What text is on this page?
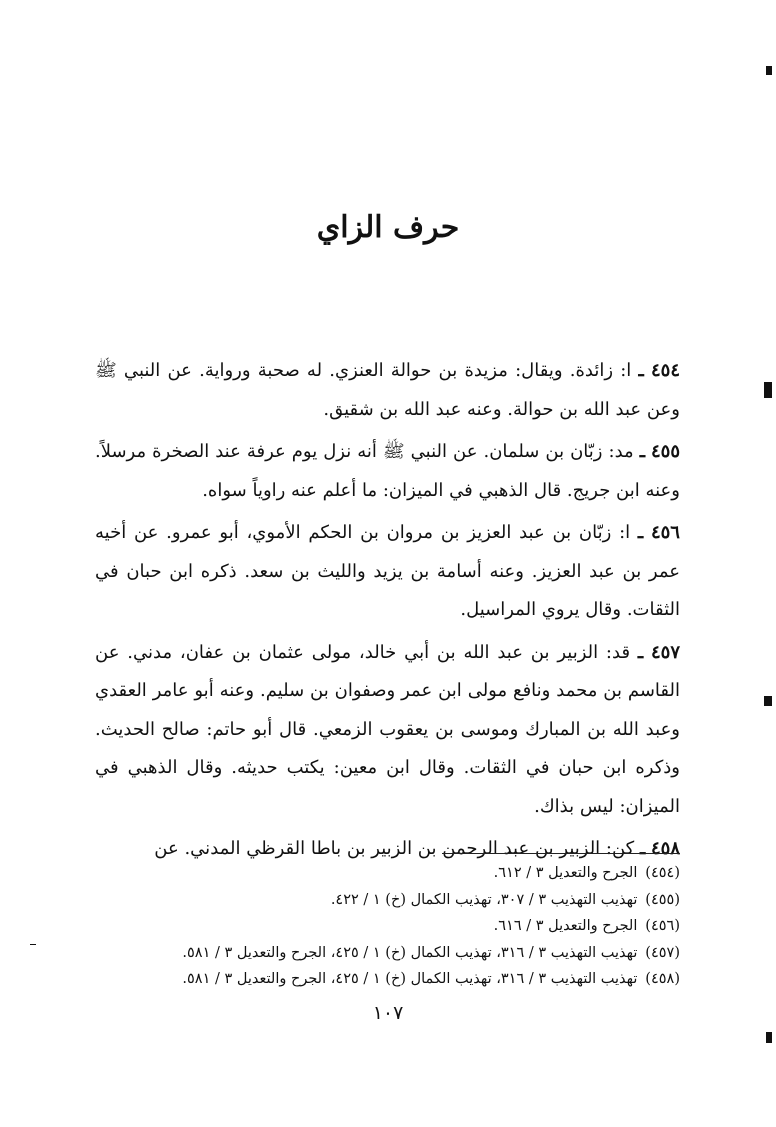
حرف الزاي

٤٥٤ ـ ا: زائدة. ويقال: مزيدة بن حوالة العنزي. له صحبة ورواية. عن النبي ﷺ وعن عبد الله بن حوالة. وعنه عبد الله بن شقيق.

٤٥٥ ـ مد: زبّان بن سلمان. عن النبي ﷺ أنه نزل يوم عرفة عند الصخرة مرسلاً. وعنه ابن جريج. قال الذهبي في الميزان: ما أعلم عنه راوياً سواه.

٤٥٦ ـ ا: زبّان بن عبد العزيز بن مروان بن الحكم الأموي، أبو عمرو. عن أخيه عمر بن عبد العزيز. وعنه أسامة بن يزيد والليث بن سعد. ذكره ابن حبان في الثقات. وقال يروي المراسيل.

٤٥٧ ـ قد: الزبير بن عبد الله بن أبي خالد، مولى عثمان بن عفان، مدني. عن القاسم بن محمد ونافع مولى ابن عمر وصفوان بن سليم. وعنه أبو عامر العقدي وعبد الله بن المبارك وموسى بن يعقوب الزمعي. قال أبو حاتم: صالح الحديث. وذكره ابن حبان في الثقات. وقال ابن معين: يكتب حديثه. وقال الذهبي في الميزان: ليس بذاك.

٤٥٨ ـ كن: الزبير بن عبد الرحمن بن الزبير بن باطا القرظي المدني. عن

(٤٥٤) الجرح والتعديل ٣ / ٦١٢.
(٤٥٥) تهذيب التهذيب ٣ / ٣٠٧، تهذيب الكمال (خ) ١ / ٤٢٢.
(٤٥٦) الجرح والتعديل ٣ / ٦١٦.
(٤٥٧) تهذيب التهذيب ٣ / ٣١٦، تهذيب الكمال (خ) ١ / ٤٢٥، الجرح والتعديل ٣ / ٥٨١.
(٤٥٨) تهذيب التهذيب ٣ / ٣١٦، تهذيب الكمال (خ) ١ / ٤٢٥، الجرح والتعديل ٣ / ٥٨١.
١٠٧
